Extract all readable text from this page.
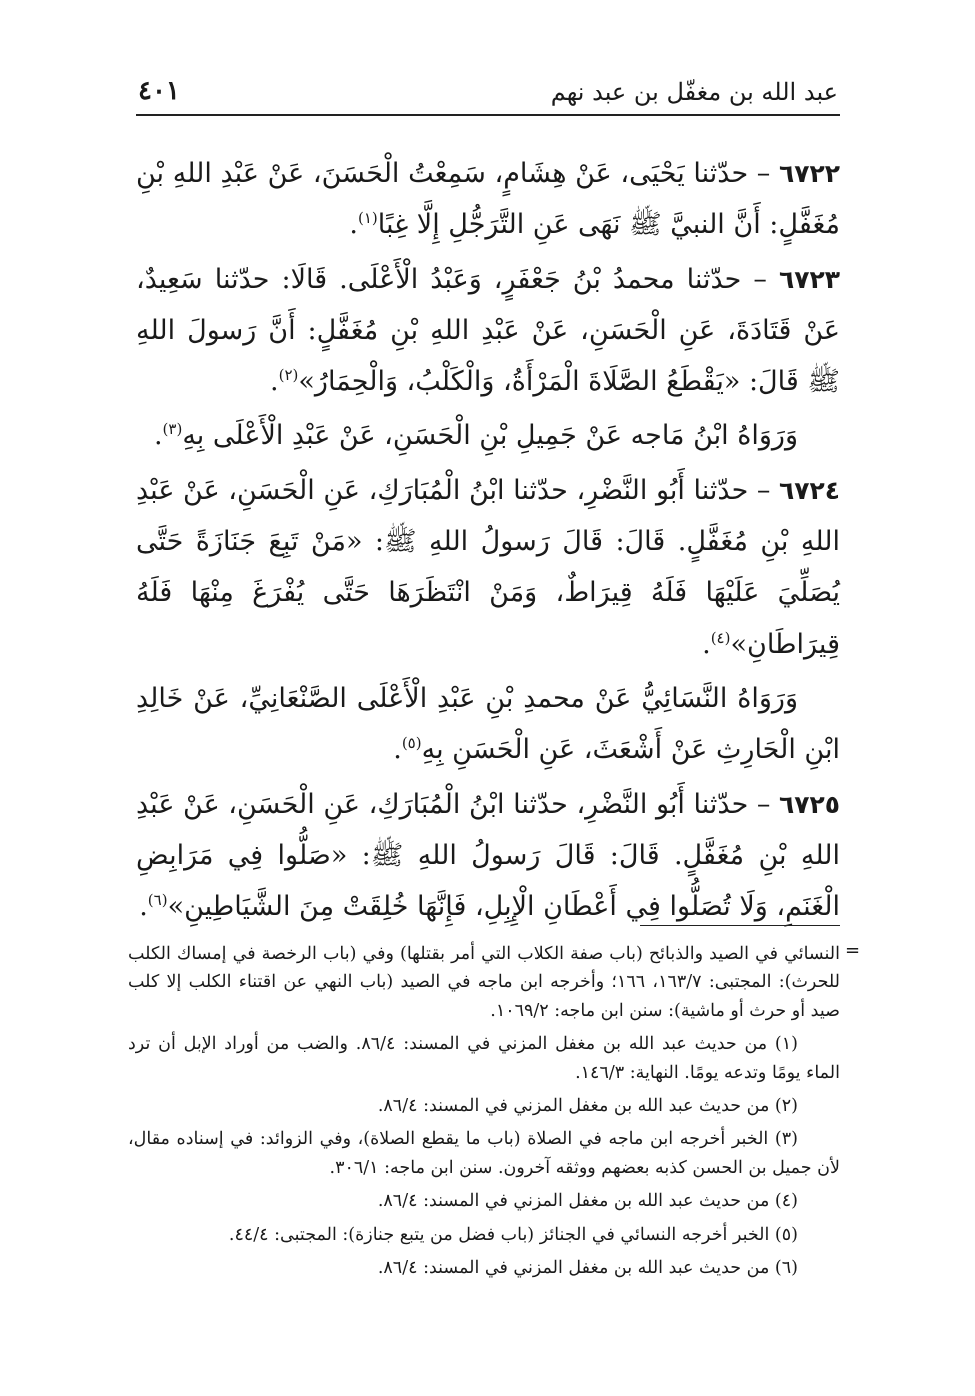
عبد الله بن مغفّل بن عبد نهم
٤٠١

٦٧٢٢ – حدّثنا يَحْيَى، عَنْ هِشَامٍ، سَمِعْتُ الْحَسَنَ، عَنْ عَبْدِ اللهِ بْنِ مُغَفَّلٍ: أَنَّ النبيَّ ﷺ نَهَى عَنِ التَّرَجُّلِ إِلَّا غِبًا$^{(١)}$.

٦٧٢٣ – حدّثنا محمدُ بْنُ جَعْفَرٍ، وَعَبْدُ الْأَعْلَى. قَالَا: حدّثنا سَعِيدٌ، عَنْ قَتَادَةَ، عَنِ الْحَسَنِ، عَنْ عَبْدِ اللهِ بْنِ مُغَفَّلٍ: أَنَّ رَسولَ اللهِ ﷺ قَالَ: «يَقْطَعُ الصَّلَاةَ الْمَرْأَةُ، وَالْكَلْبُ، وَالْحِمَارُ»$^{(٢)}$.

وَرَوَاهُ ابْنُ مَاجه عَنْ جَمِيلِ بْنِ الْحَسَنِ، عَنْ عَبْدِ الْأَعْلَى بِهِ$^{(٣)}$.

٦٧٢٤ – حدّثنا أَبُو النَّضْرِ، حدّثنا ابْنُ الْمُبَارَكِ، عَنِ الْحَسَنِ، عَنْ عَبْدِ اللهِ بْنِ مُغَفَّلٍ. قَالَ: قَالَ رَسولُ اللهِ ﷺ: «مَنْ تَبِعَ جَنَازَةً حَتَّى يُصَلِّيَ عَلَيْهَا فَلَهُ قِيرَاطٌ، وَمَنْ انْتَظَرَهَا حَتَّى يُفْرَغَ مِنْهَا فَلَهُ قِيرَاطَانِ»$^{(٤)}$.

وَرَوَاهُ النَّسَائِيُّ عَنْ محمدِ بْنِ عَبْدِ الْأَعْلَى الصَّنْعَانِيِّ، عَنْ خَالِدِ ابْنِ الْحَارِثِ عَنْ أَشْعَثَ، عَنِ الْحَسَنِ بِهِ$^{(٥)}$.

٦٧٢٥ – حدّثنا أَبُو النَّضْرِ، حدّثنا ابْنُ الْمُبَارَكِ، عَنِ الْحَسَنِ، عَنْ عَبْدِ اللهِ بْنِ مُغَفَّلٍ. قَالَ: قَالَ رَسولُ اللهِ ﷺ: «صَلُّوا فِي مَرَابِضِ الْغَنَمِ، وَلَا تُصَلُّوا فِي أَعْطَانِ الْإِبِلِ، فَإِنَّهَا خُلِقَتْ مِنَ الشَّيَاطِينِ»$^{(٦)}$.

=

النسائي في الصيد والذبائح (باب صفة الكلاب التي أمر بقتلها) وفي (باب الرخصة في إمساك الكلب للحرث): المجتبى: ١٦٣/٧، ١٦٦؛ وأخرجه ابن ماجه في الصيد (باب النهي عن اقتناء الكلب إلا كلب صيد أو حرث أو ماشية): سنن ابن ماجه: ١٠٦٩/٢.

(١) من حديث عبد الله بن مغفل المزني في المسند: ٨٦/٤. والضب من أوراد الإبل أن ترد الماء يومًا وتدعه يومًا. النهاية: ١٤٦/٣.

(٢) من حديث عبد الله بن مغفل المزني في المسند: ٨٦/٤.

(٣) الخبر أخرجه ابن ماجه في الصلاة (باب ما يقطع الصلاة)، وفي الزوائد: في إسناده مقال، لأن جميل بن الحسن كذبه بعضهم ووثقه آخرون. سنن ابن ماجه: ٣٠٦/١.

(٤) من حديث عبد الله بن مغفل المزني في المسند: ٨٦/٤.

(٥) الخبر أخرجه النسائي في الجنائز (باب فضل من يتبع جنازة): المجتبى: ٤٤/٤.

(٦) من حديث عبد الله بن مغفل المزني في المسند: ٨٦/٤.
